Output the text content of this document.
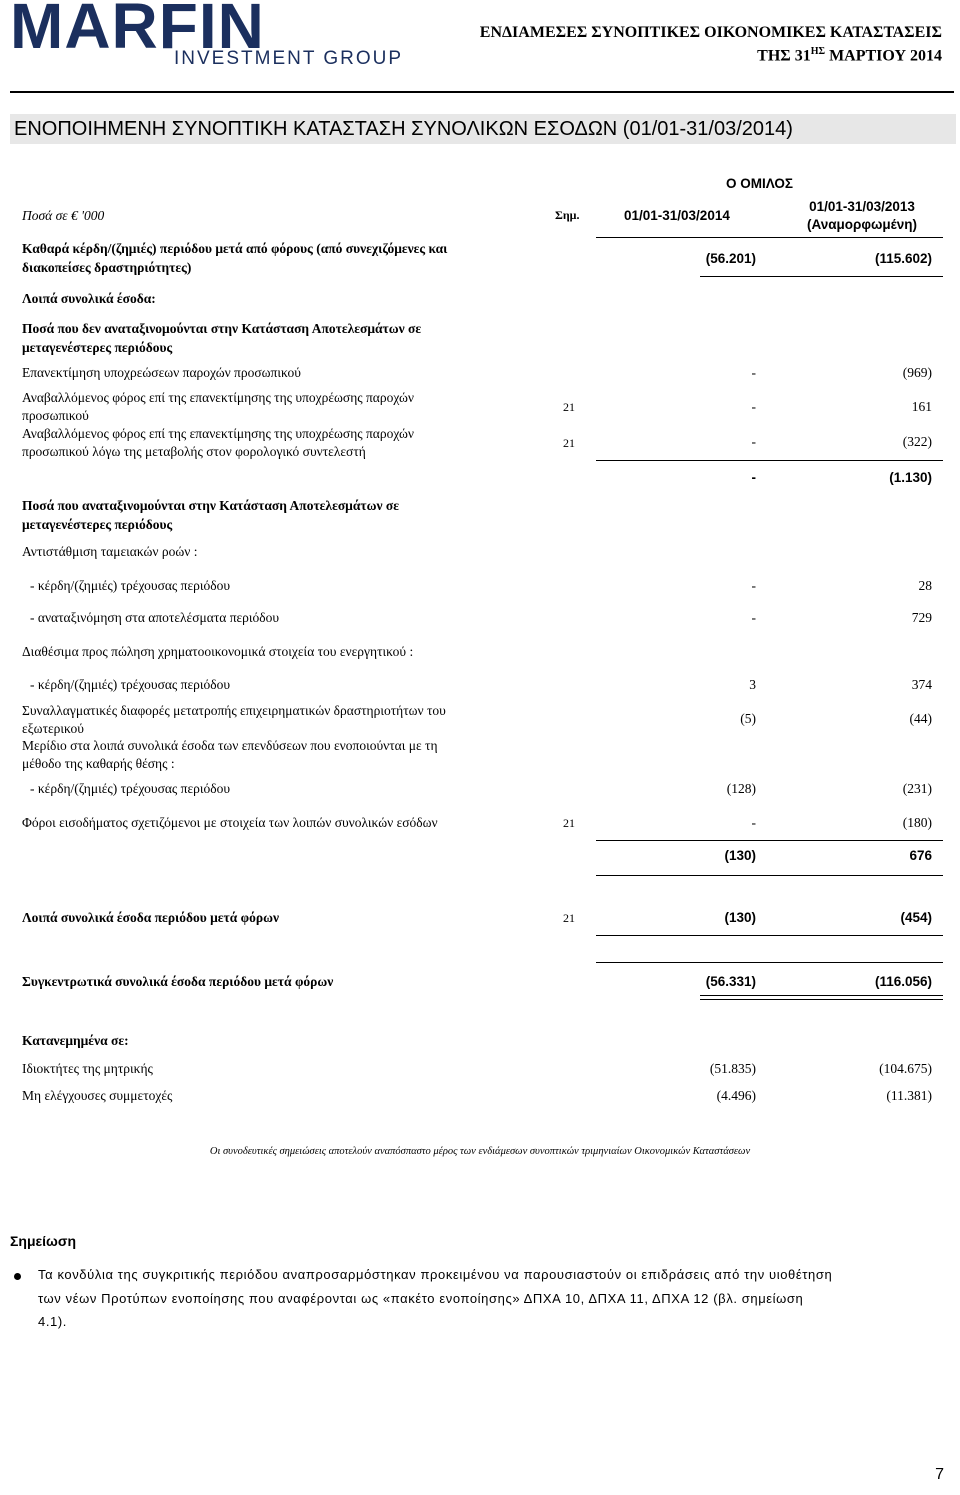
MARFIN
INVESTMENT GROUP
ΕΝΔΙΑΜΕΣΕΣ ΣΥΝΟΠΤΙΚΕΣ ΟΙΚΟΝΟΜΙΚΕΣ ΚΑΤΑΣΤΑΣΕΙΣ
ΤΗΣ $31^{H\Sigma}$ ΜΑΡΤΙΟΥ 2014
ΕΝΟΠΟΙΗΜΕΝΗ ΣΥΝΟΠΤΙΚΗ ΚΑΤΑΣΤΑΣΗ ΣΥΝΟΛΙΚΩΝ ΕΣΟΔΩΝ (01/01-31/03/2014)
Ο ΟΜΙΛΟΣ
Ποσά σε € '000	Σημ.	01/01-31/03/2014
01/01-31/03/2013
(Αναμορφωμένη)
Καθαρά κέρδη/(ζημιές) περιόδου μετά από φόρους (από συνεχιζόμενες και
διακοπείσες δραστηριότητες)
(56.201)	(115.602)
Λοιπά συνολικά έσοδα:
Ποσά που δεν αναταξινομούνται στην Κατάσταση Αποτελεσμάτων σε
μεταγενέστερες περιόδους
Επανεκτίμηση υποχρεώσεων παροχών προσωπικού	-	(969)
Αναβαλλόμενος φόρος επί της επανεκτίμησης της υποχρέωσης παροχών
προσωπικού
21	-	161
Αναβαλλόμενος φόρος επί της επανεκτίμησης της υποχρέωσης παροχών
προσωπικού λόγω της μεταβολής στον φορολογικό συντελεστή
21	-	(322)
-	(1.130)
Ποσά που αναταξινομούνται στην Κατάσταση Αποτελεσμάτων σε
μεταγενέστερες περιόδους
Αντιστάθμιση ταμειακών ροών :
- κέρδη/(ζημιές) τρέχουσας περιόδου	-	28
- αναταξινόμηση στα αποτελέσματα περιόδου	-	729
Διαθέσιμα προς πώληση χρηματοοικονομικά στοιχεία του ενεργητικού :
- κέρδη/(ζημιές) τρέχουσας περιόδου	3	374
Συναλλαγματικές διαφορές μετατροπής επιχειρηματικών δραστηριοτήτων του
εξωτερικού
(5)	(44)
Μερίδιο στα λοιπά συνολικά έσοδα των επενδύσεων που ενοποιούνται με τη
μέθοδο της καθαρής θέσης :
- κέρδη/(ζημιές) τρέχουσας περιόδου	(128)	(231)
Φόροι εισοδήματος σχετιζόμενοι με στοιχεία των λοιπών συνολικών εσόδων	21	-	(180)
(130)	676
Λοιπά συνολικά έσοδα περιόδου μετά φόρων	21	(130)	(454)
Συγκεντρωτικά συνολικά έσοδα περιόδου μετά φόρων	(56.331)	(116.056)
Κατανεμημένα σε:
Ιδιοκτήτες της μητρικής	(51.835)	(104.675)
Μη ελέγχουσες συμμετοχές	(4.496)	(11.381)
Οι συνοδευτικές σημειώσεις αποτελούν αναπόσπαστο μέρος των ενδιάμεσων συνοπτικών τριμηνιαίων Οικονομικών Καταστάσεων
Σημείωση
Τα κονδύλια της συγκριτικής περιόδου αναπροσαρμόστηκαν προκειμένου να παρουσιαστούν οι επιδράσεις από την υιοθέτηση
των νέων Προτύπων ενοποίησης που αναφέρονται ως «πακέτο ενοποίησης» ΔΠΧΑ 10, ΔΠΧΑ 11, ΔΠΧΑ 12 (βλ. σημείωση
4.1).
7
